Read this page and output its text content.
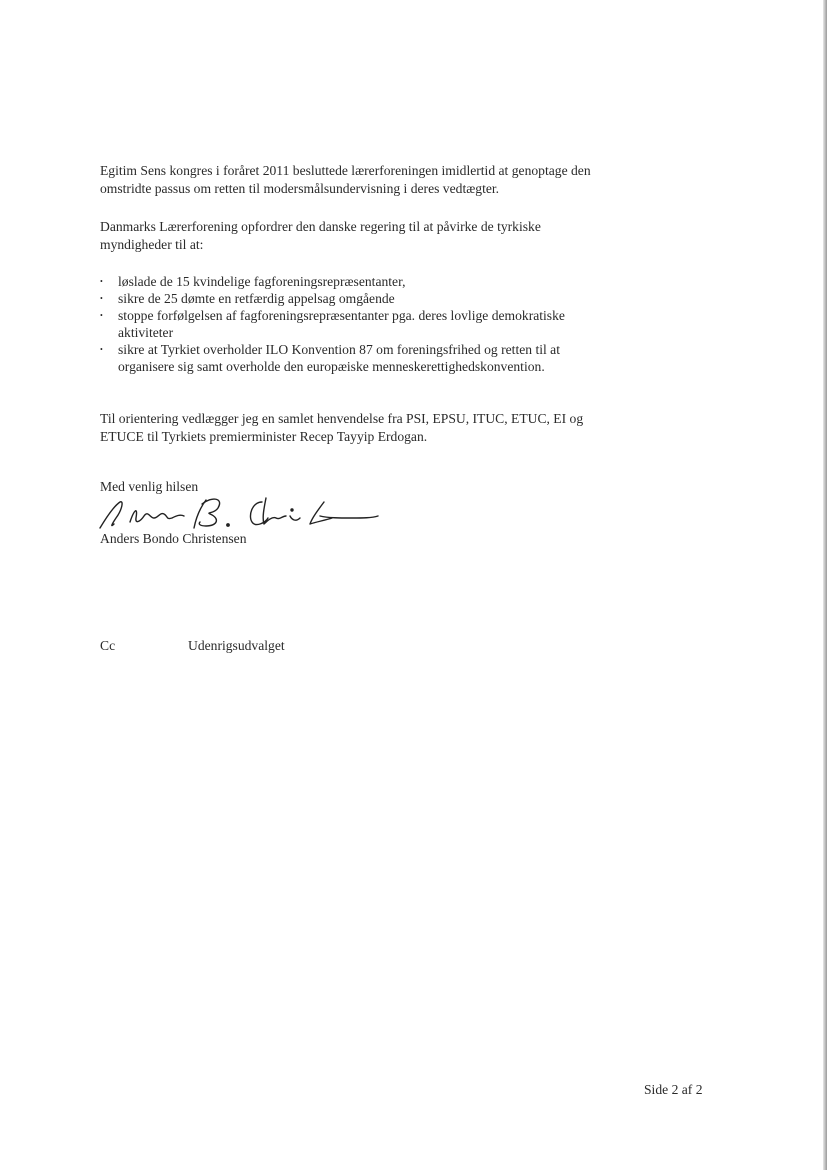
Egitim Sens kongres i foråret 2011 besluttede lærerforeningen imidlertid at genoptage den omstridte passus om retten til modersmålsundervisning i deres vedtægter.

Danmarks Lærerforening opfordrer den danske regering til at påvirke de tyrkiske myndigheder til at:

• løslade de 15 kvindelige fagforeningsrepræsentanter,
• sikre de 25 dømte en retfærdig appelsag omgående
• stoppe forfølgelsen af fagforeningsrepræsentanter pga. deres lovlige demokratiske aktiviteter
• sikre at Tyrkiet overholder ILO Konvention 87 om foreningsfrihed og retten til at organisere sig samt overholde den europæiske menneskerettighedskonvention.

Til orientering vedlægger jeg en samlet henvendelse fra PSI, EPSU, ITUC, ETUC, EI og ETUCE til Tyrkiets premierminister Recep Tayyip Erdogan.

Med venlig hilsen

Anders Bondo Christensen

Cc	Udenrigsudvalget

Side 2 af 2
